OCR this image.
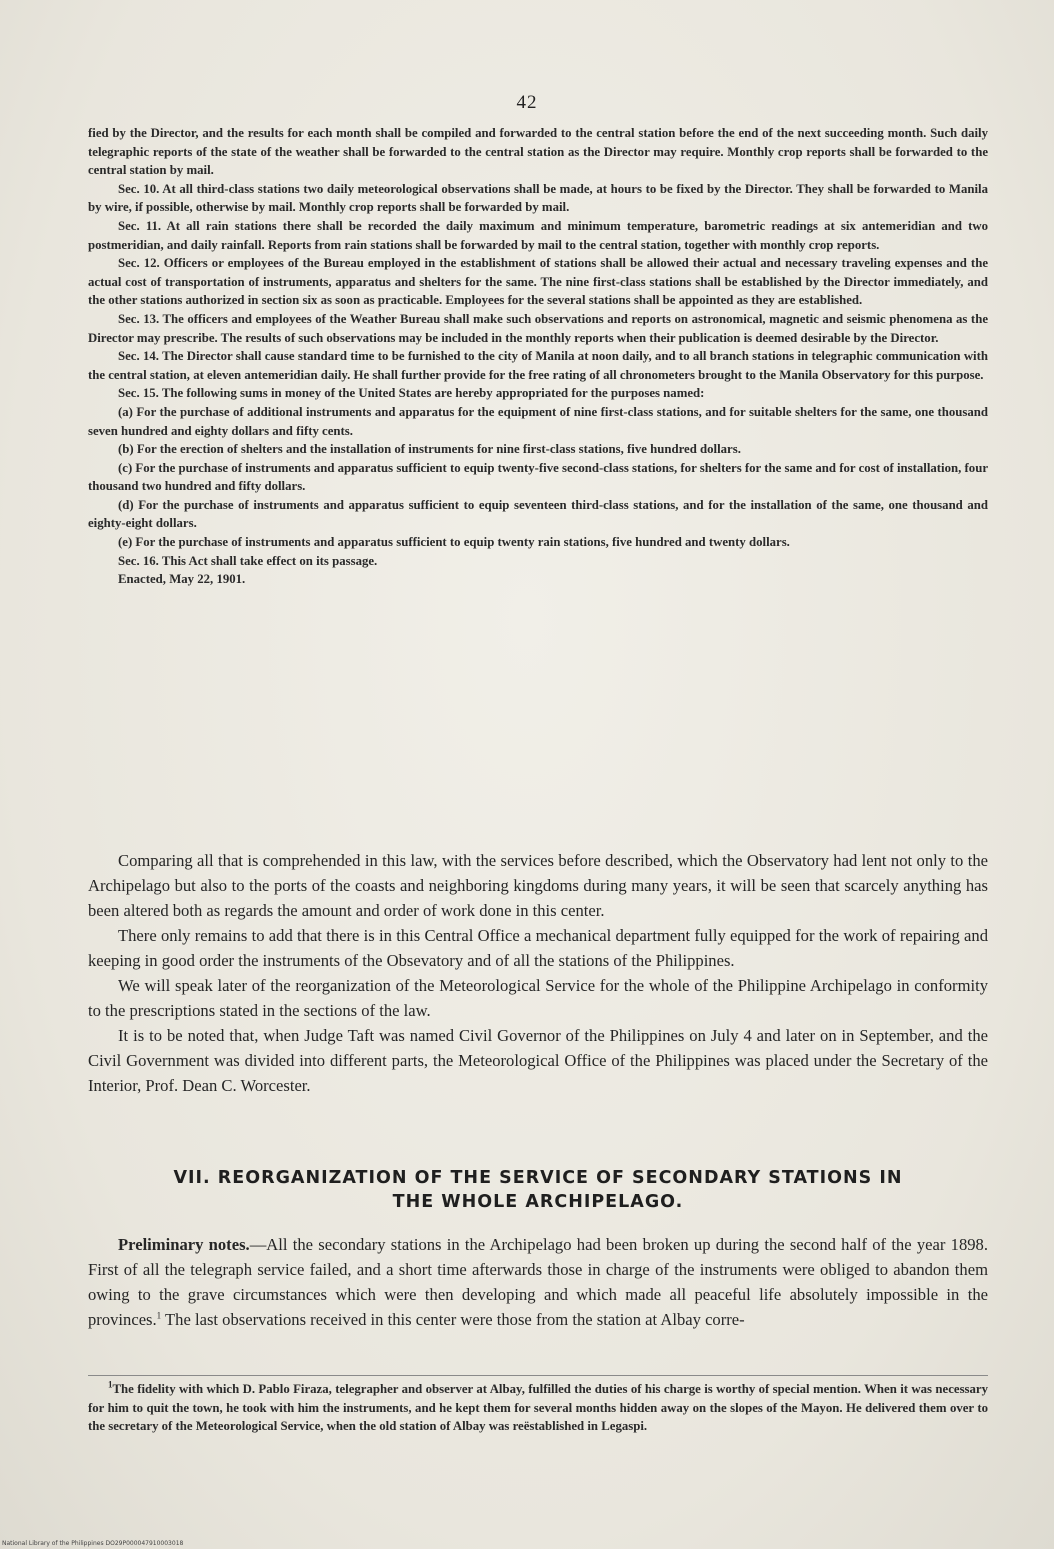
42

fied by the Director, and the results for each month shall be compiled and forwarded to the central station before the end of the next succeeding month. Such daily telegraphic reports of the state of the weather shall be forwarded to the central station as the Director may require. Monthly crop reports shall be forwarded to the central station by mail.

Sec. 10. At all third-class stations two daily meteorological observations shall be made, at hours to be fixed by the Director. They shall be forwarded to Manila by wire, if possible, otherwise by mail. Monthly crop reports shall be forwarded by mail.

Sec. 11. At all rain stations there shall be recorded the daily maximum and minimum temperature, barometric readings at six antemeridian and two postmeridian, and daily rainfall. Reports from rain stations shall be forwarded by mail to the central station, together with monthly crop reports.

Sec. 12. Officers or employees of the Bureau employed in the establishment of stations shall be allowed their actual and necessary traveling expenses and the actual cost of transportation of instruments, apparatus and shelters for the same. The nine first-class stations shall be established by the Director immediately, and the other stations authorized in section six as soon as practicable. Employees for the several stations shall be appointed as they are established.

Sec. 13. The officers and employees of the Weather Bureau shall make such observations and reports on astronomical, magnetic and seismic phenomena as the Director may prescribe. The results of such observations may be included in the monthly reports when their publication is deemed desirable by the Director.

Sec. 14. The Director shall cause standard time to be furnished to the city of Manila at noon daily, and to all branch stations in telegraphic communication with the central station, at eleven antemeridian daily. He shall further provide for the free rating of all chronometers brought to the Manila Observatory for this purpose.

Sec. 15. The following sums in money of the United States are hereby appropriated for the purposes named:

(a) For the purchase of additional instruments and apparatus for the equipment of nine first-class stations, and for suitable shelters for the same, one thousand seven hundred and eighty dollars and fifty cents.

(b) For the erection of shelters and the installation of instruments for nine first-class stations, five hundred dollars.

(c) For the purchase of instruments and apparatus sufficient to equip twenty-five second-class stations, for shelters for the same and for cost of installation, four thousand two hundred and fifty dollars.

(d) For the purchase of instruments and apparatus sufficient to equip seventeen third-class stations, and for the installation of the same, one thousand and eighty-eight dollars.

(e) For the purchase of instruments and apparatus sufficient to equip twenty rain stations, five hundred and twenty dollars.

Sec. 16. This Act shall take effect on its passage.

Enacted, May 22, 1901.

Comparing all that is comprehended in this law, with the services before described, which the Observatory had lent not only to the Archipelago but also to the ports of the coasts and neighboring kingdoms during many years, it will be seen that scarcely anything has been altered both as regards the amount and order of work done in this center.

There only remains to add that there is in this Central Office a mechanical department fully equipped for the work of repairing and keeping in good order the instruments of the Obsevatory and of all the stations of the Philippines.

We will speak later of the reorganization of the Meteorological Service for the whole of the Philippine Archipelago in conformity to the prescriptions stated in the sections of the law.

It is to be noted that, when Judge Taft was named Civil Governor of the Philippines on July 4 and later on in September, and the Civil Government was divided into different parts, the Meteorological Office of the Philippines was placed under the Secretary of the Interior, Prof. Dean C. Worcester.

VII. REORGANIZATION OF THE SERVICE OF SECONDARY STATIONS IN
THE WHOLE ARCHIPELAGO.

Preliminary notes.—All the secondary stations in the Archipelago had been broken up during the second half of the year 1898. First of all the telegraph service failed, and a short time afterwards those in charge of the instruments were obliged to abandon them owing to the grave circumstances which were then developing and which made all peaceful life absolutely impossible in the provinces.$^1$ The last observations received in this center were those from the station at Albay corre-

$^1$The fidelity with which D. Pablo Firaza, telegrapher and observer at Albay, fulfilled the duties of his charge is worthy of special mention. When it was necessary for him to quit the town, he took with him the instruments, and he kept them for several months hidden away on the slopes of the Mayon. He delivered them over to the secretary of the Meteorological Service, when the old station of Albay was reëstablished in Legaspi.

National Library of the Philippines DO29P000047910003018
